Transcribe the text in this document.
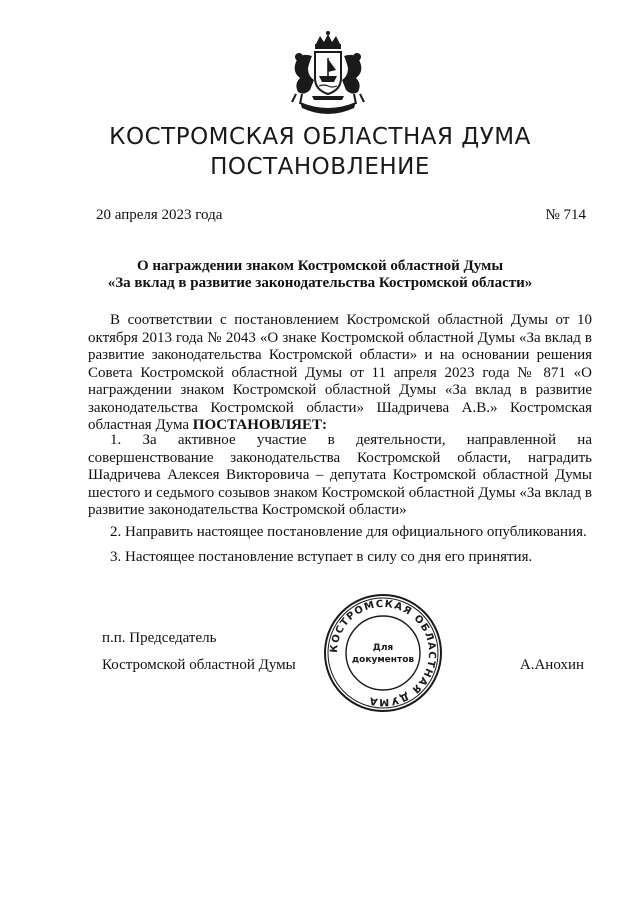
КОСТРОМСКАЯ ОБЛАСТНАЯ ДУМА
ПОСТАНОВЛЕНИЕ
20 апреля 2023 года	№ 714
О награждении знаком Костромской областной Думы
«За вклад в развитие законодательства Костромской области»
В соответствии с постановлением Костромской областной Думы от 10 октября 2013 года № 2043 «О знаке Костромской областной Думы «За вклад в развитие законодательства Костромской области» и на основании решения Совета Костромской областной Думы от 11 апреля 2023 года № 871 «О награждении знаком Костромской областной Думы «За вклад в развитие законодательства Костромской области» Шадричева А.В.» Костромская областная Дума ПОСТАНОВЛЯЕТ:
1. За активное участие в деятельности, направленной на совершенствование законодательства Костромской области, наградить Шадричева Алексея Викторовича – депутата Костромской областной Думы шестого и седьмого созывов знаком Костромской областной Думы «За вклад в развитие законодательства Костромской области»
2. Направить настоящее постановление для официального опубликования.
3. Настоящее постановление вступает в силу со дня его принятия.
п.п. Председатель
Костромской областной Думы	А.Анохин
КОСТРОМСКАЯ ОБЛАСТНАЯ ДУМА
Для
документов
